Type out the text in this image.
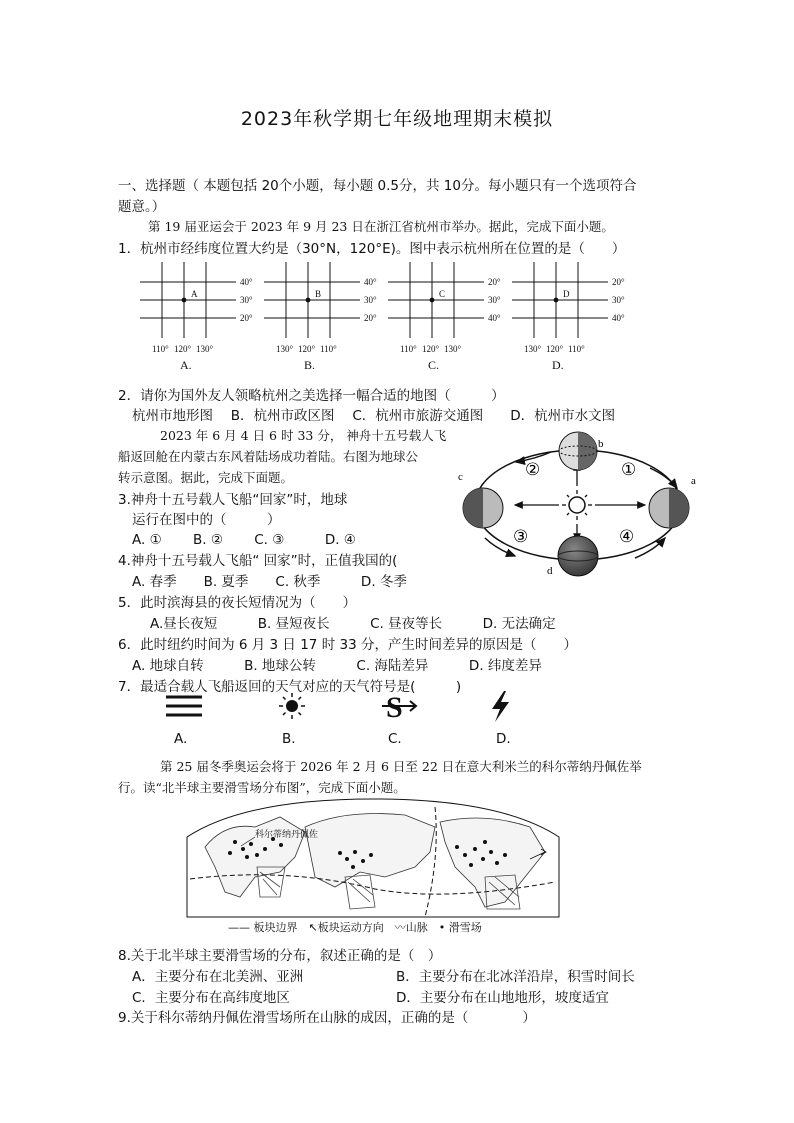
2023年秋学期七年级地理期末模拟
一、选择题（ 本题包括 20个小题，每小题 0.5分，共 10分。每小题只有一个选项符合
题意。）
第 19 届亚运会于 2023 年 9 月 23 日在浙江省杭州市举办。据此，完成下面小题。
1．杭州市经纬度位置大约是（30°N，120°E)。图中表示杭州所在位置的是（　　）
A
40°
30°
20°
110° 120° 130°
A.
B
40°
30°
20°
130° 120° 110°
B.
C
20°
30°
40°
110° 120° 130°
C.
D
20°
30°
40°
130° 120° 110°
D.
2．请你为国外友人领略杭州之美选择一幅合适的地图（　　　）
杭州市地形图　 B．杭州市政区图　 C．杭州市旅游交通图　　D．杭州市水文图
2023 年 6 月 4 日 6 时 33 分， 神舟十五号载人飞
船返回舱在内蒙古东风着陆场成功着陆。右图为地球公
转示意图。据此，完成下面题。	①
②
③	④
a
b
c
d
3.神舟十五号载人飞船“回家”时，地球
运行在图中的（　　　）
A. ①　　 B. ②　　 C. ③　　　D. ④
4.神舟十五号载人飞船“ 回家”时，正值我国的(
A. 春季　　B. 夏季　　C. 秋季　　　D. 冬季
5．此时滨海县的夜长短情况为（　　）
A.昼长夜短　　　B. 昼短夜长　　　C. 昼夜等长　　　D. 无法确定
6．此时纽约时间为 6 月 3 日 17 时 33 分，产生时间差异的原因是（　　）
A. 地球自转　　　B. 地球公转　　　C. 海陆差异　　　D. 纬度差异
7．最适合载人飞船返回的天气对应的天气符号是(　　　)
S
A.	B.	C.	D.
第 25 届冬季奥运会将于 2026 年 2 月 6 日至 22 日在意大利米兰的科尔蒂纳丹佩佐举
行。读“北半球主要滑雪场分布图”，完成下面小题。
科尔蒂纳丹佩佐
—— 板块边界　↖板块运动方向　〰山脉　• 滑雪场
8.关于北半球主要滑雪场的分布，叙述正确的是（　）
A．主要分布在北美洲、亚洲	B．主要分布在北冰洋沿岸，积雪时间长
C．主要分布在高纬度地区	D．主要分布在山地地形，坡度适宜
9.关于科尔蒂纳丹佩佐滑雪场所在山脉的成因，正确的是（　　　　）
